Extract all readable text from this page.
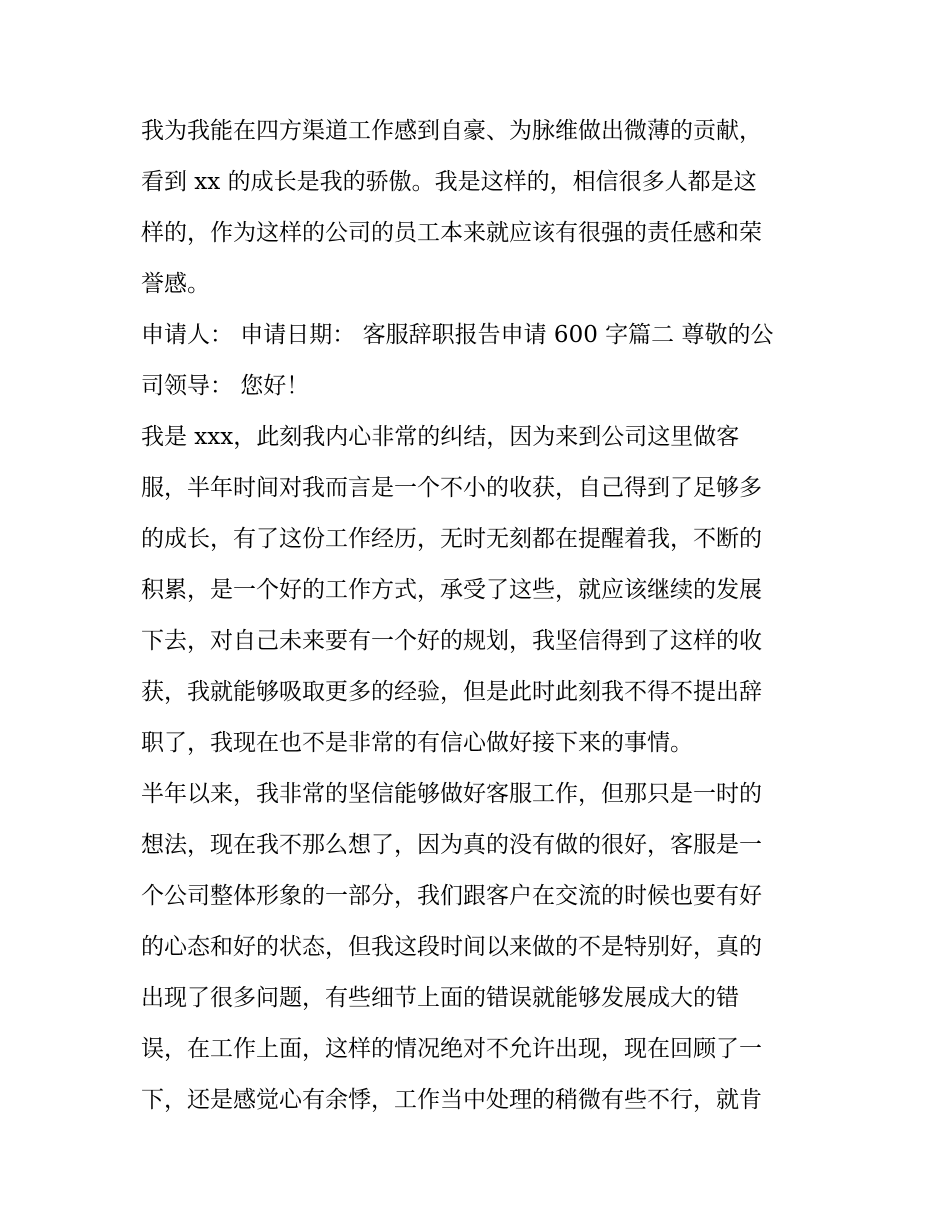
我为我能在四方渠道工作感到自豪、为脉维做出微薄的贡献，
看到 xx 的成长是我的骄傲。我是这样的，相信很多人都是这
样的，作为这样的公司的员工本来就应该有很强的责任感和荣
誉感。
申请人： 申请日期： 客服辞职报告申请 600 字篇二 尊敬的公
司领导： 您好！
我是 xxx，此刻我内心非常的纠结，因为来到公司这里做客
服，半年时间对我而言是一个不小的收获，自己得到了足够多
的成长，有了这份工作经历，无时无刻都在提醒着我，不断的
积累，是一个好的工作方式，承受了这些，就应该继续的发展
下去，对自己未来要有一个好的规划，我坚信得到了这样的收
获，我就能够吸取更多的经验，但是此时此刻我不得不提出辞
职了，我现在也不是非常的有信心做好接下来的事情。
半年以来，我非常的坚信能够做好客服工作，但那只是一时的
想法，现在我不那么想了，因为真的没有做的很好，客服是一
个公司整体形象的一部分，我们跟客户在交流的时候也要有好
的心态和好的状态，但我这段时间以来做的不是特别好，真的
出现了很多问题，有些细节上面的错误就能够发展成大的错
误，在工作上面，这样的情况绝对不允许出现，现在回顾了一
下，还是感觉心有余悸，工作当中处理的稍微有些不行，就肯
